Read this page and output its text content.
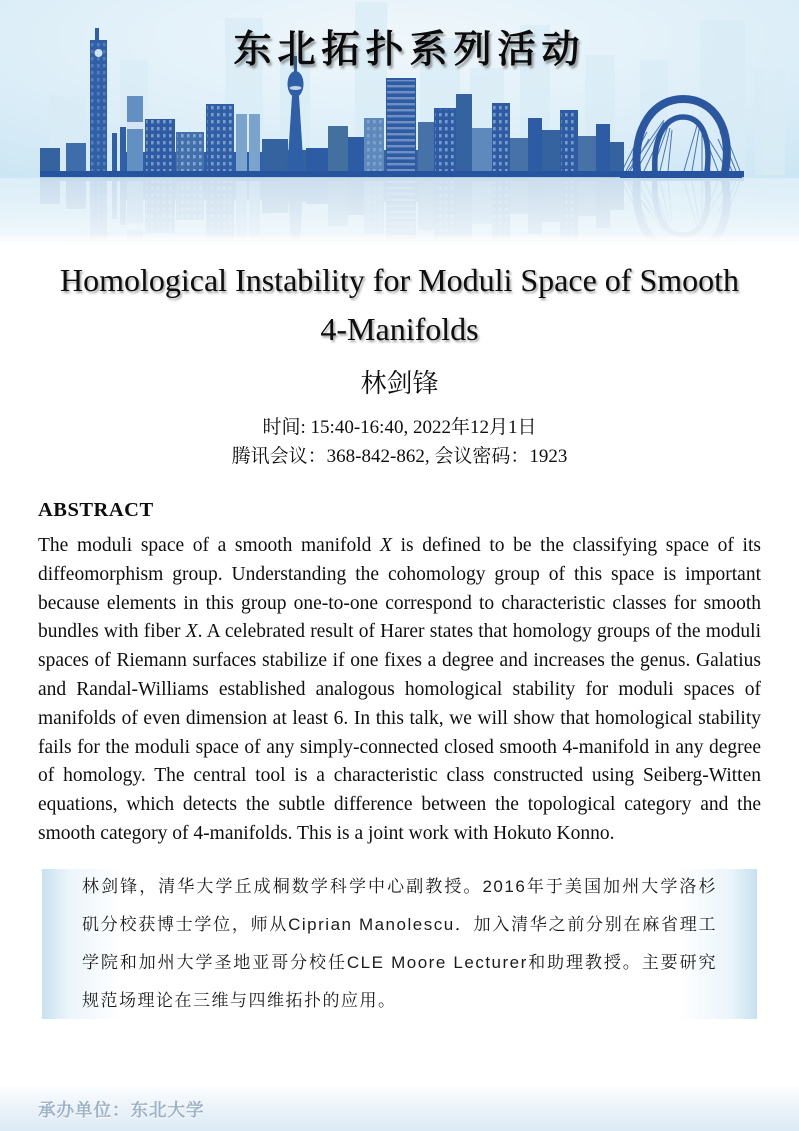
东北拓扑系列活动
Homological Instability for Moduli Space of Smooth
4-Manifolds
林剑锋
时间: 15:40-16:40, 2022年12月1日
腾讯会议：368-842-862, 会议密码：1923
ABSTRACT

The moduli space of a smooth manifold X is defined to be the classifying space of its diffeomorphism group. Understanding the cohomology group of this space is important because elements in this group one-to-one correspond to characteristic classes for smooth bundles with fiber X. A celebrated result of Harer states that homology groups of the moduli spaces of Riemann surfaces stabilize if one fixes a degree and increases the genus. Galatius and Randal-Williams established analogous homological stability for moduli spaces of manifolds of even dimension at least 6. In this talk, we will show that homological stability fails for the moduli space of any simply-connected closed smooth 4-manifold in any degree of homology. The central tool is a characteristic class constructed using Seiberg-Witten equations, which detects the subtle difference between the topological category and the smooth category of 4-manifolds. This is a joint work with Hokuto Konno.

林剑锋，清华大学丘成桐数学科学中心副教授。2016年于美国加州大学洛杉矶分校获博士学位，师从Ciprian Manolescu．加入清华之前分别在麻省理工学院和加州大学圣地亚哥分校任CLE Moore Lecturer和助理教授。主要研究规范场理论在三维与四维拓扑的应用。

承办单位：东北大学
